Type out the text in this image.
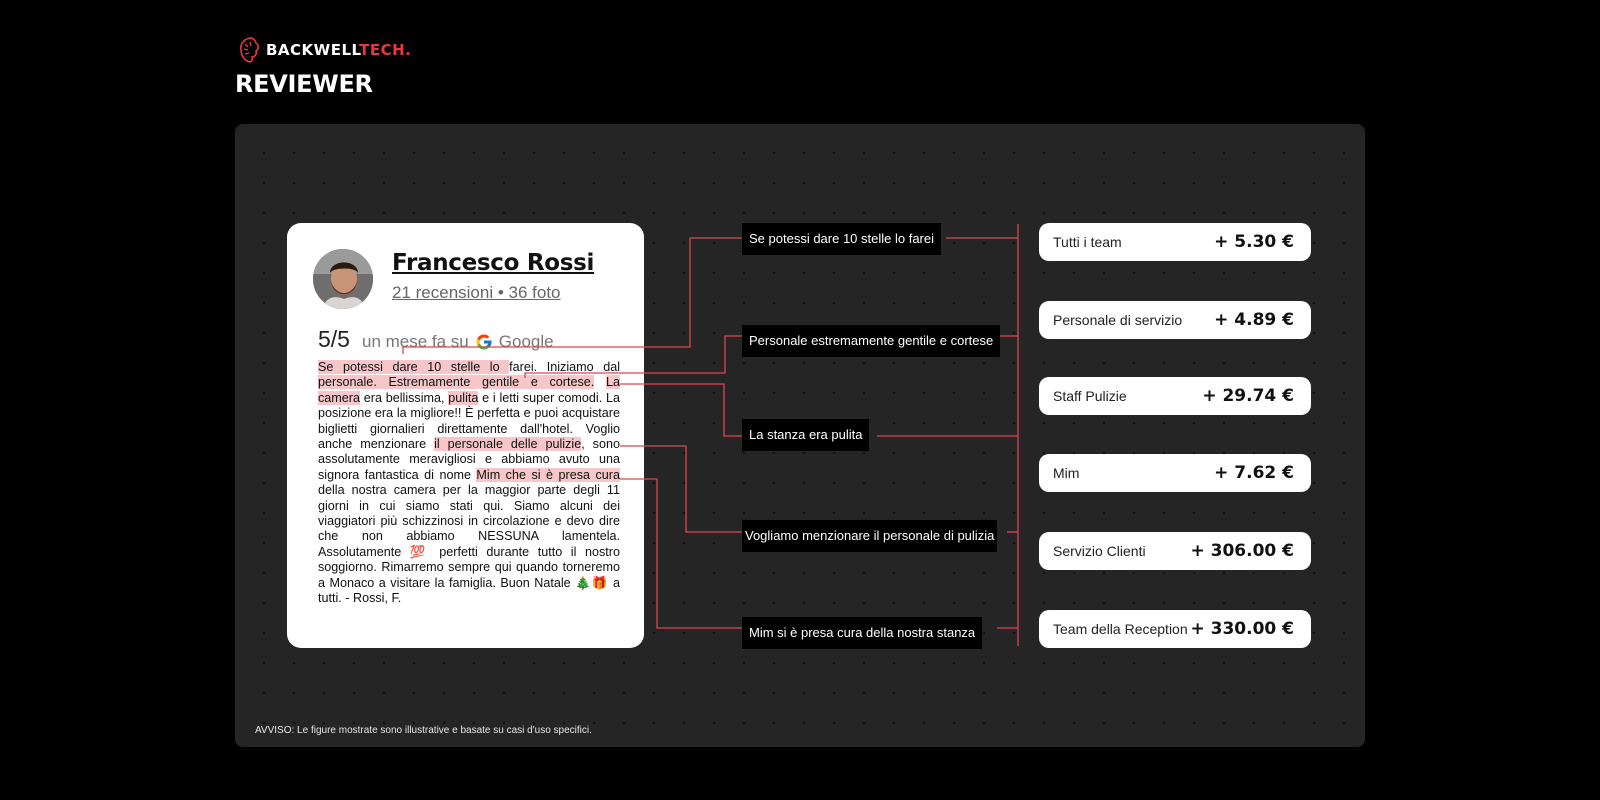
BACKWELLTECH.
REVIEWER
Francesco Rossi
21 recensioni • 36 foto
5/5 un mese fa su Google
Se potessi dare 10 stelle lo farei. Iniziamo dal personale. Estremamente gentile e cortese. La camera era bellissima, pulita e i letti super comodi. La posizione era la migliore!! È perfetta e puoi acquistare biglietti giornalieri direttamente dall'hotel. Voglio anche menzionare il personale delle pulizie, sono assolutamente meravigliosi e abbiamo avuto una signora fantastica di nome Mim che si è presa cura della nostra camera per la maggior parte degli 11 giorni in cui siamo stati qui. Siamo alcuni dei viaggiatori più schizzinosi in circolazione e devo dire che non abbiamo NESSUNA lamentela. Assolutamente 💯 perfetti durante tutto il nostro soggiorno. Rimarremo sempre qui quando torneremo a Monaco a visitare la famiglia. Buon Natale 🎄🎁 a tutti. - Rossi, F.
Se potessi dare 10 stelle lo farei
Personale estremamente gentile e cortese
La stanza era pulita
Vogliamo menzionare il personale di pulizia
Mim si è presa cura della nostra stanza
Tutti i team	+ 5.30 €
Personale di servizio + 4.89 €
Staff Pulizie	+ 29.74 €
Mim	+ 7.62 €
Servizio Clienti	+ 306.00 €
Team della Reception + 330.00 €
AVVISO: Le figure mostrate sono illustrative e basate su casi d'uso specifici.
